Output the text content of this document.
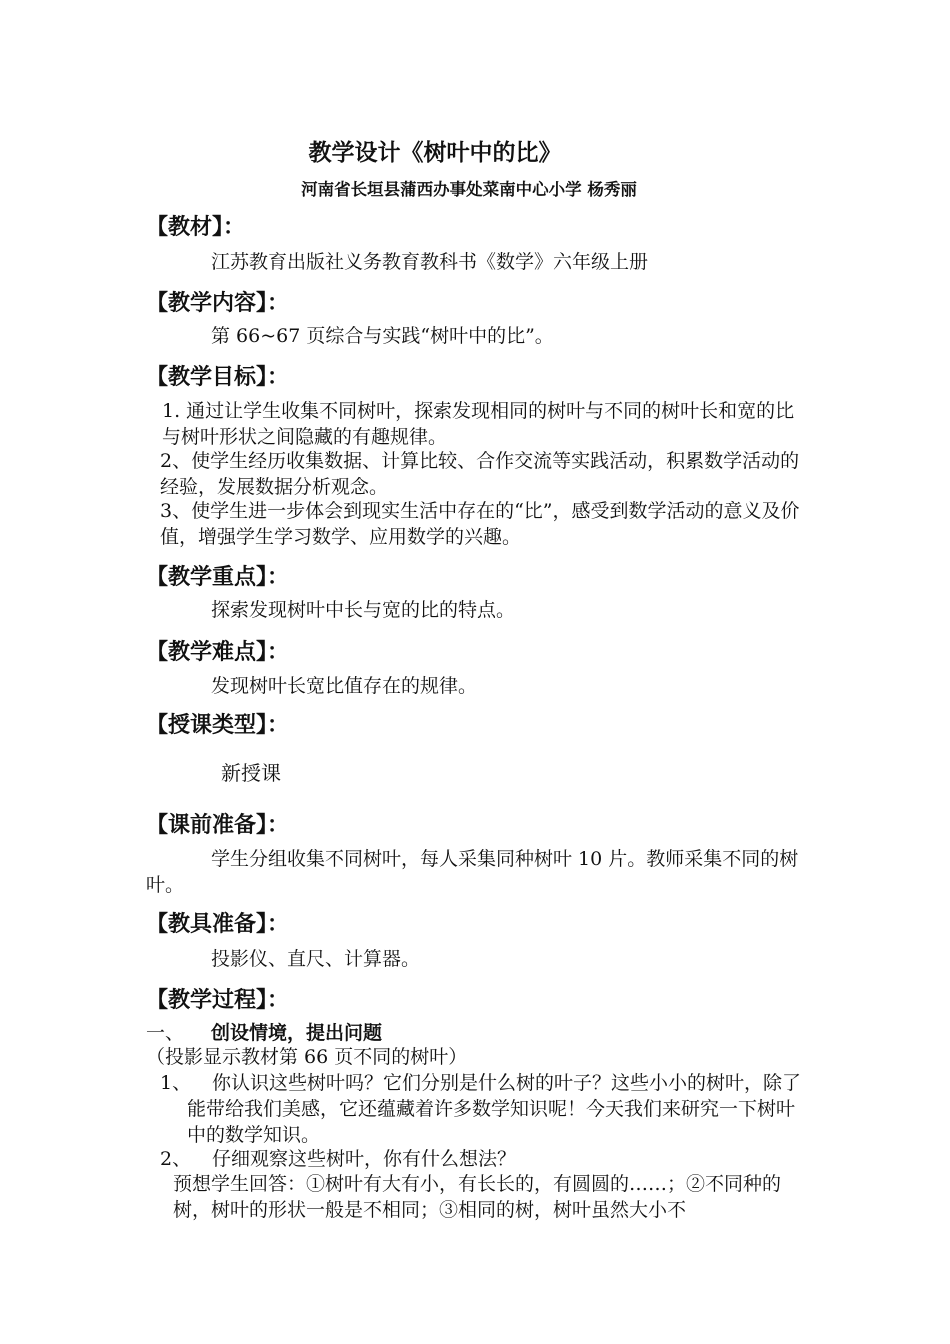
教学设计《树叶中的比》
河南省长垣县蒲西办事处菜南中心小学 杨秀丽
【教材】：
江苏教育出版社义务教育教科书《数学》六年级上册
【教学内容】：
第 66~67 页综合与实践“树叶中的比”。
【教学目标】：
1. 通过让学生收集不同树叶，探索发现相同的树叶与不同的树叶长和宽的比与树叶形状之间隐藏的有趣规律。
2、使学生经历收集数据、计算比较、合作交流等实践活动，积累数学活动的经验，发展数据分析观念。
3、使学生进一步体会到现实生活中存在的“比”，感受到数学活动的意义及价值，增强学生学习数学、应用数学的兴趣。
【教学重点】：
探索发现树叶中长与宽的比的特点。
【教学难点】：
发现树叶长宽比值存在的规律。
【授课类型】：
新授课
【课前准备】：
学生分组收集不同树叶，每人采集同种树叶 10 片。教师采集不同的树叶。
【教具准备】：
投影仪、直尺、计算器。
【教学过程】：
一、 创设情境，提出问题
（投影显示教材第 66 页不同的树叶）
1、	你认识这些树叶吗？它们分别是什么树的叶子？这些小小的树叶，除了能带给我们美感，它还蕴藏着许多数学知识呢！今天我们来研究一下树叶中的数学知识。
2、 仔细观察这些树叶，你有什么想法？
预想学生回答：①树叶有大有小，有长长的，有圆圆的……；②不同种的树，树叶的形状一般是不相同；③相同的树，树叶虽然大小不
